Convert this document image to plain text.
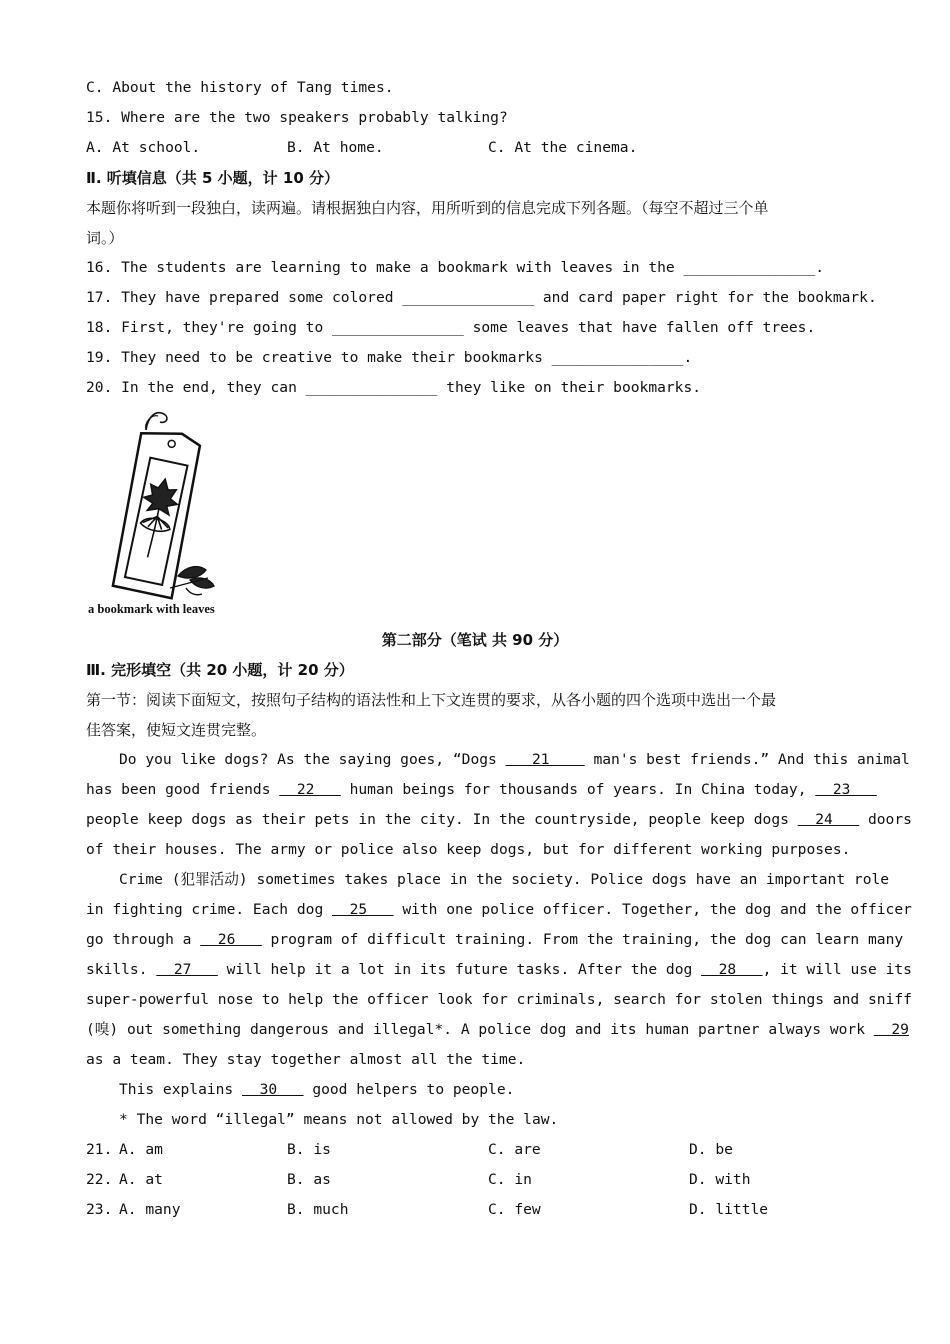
C. About the history of Tang times.
15. Where are the two speakers probably talking?
A. At school.	B. At home.	C. At the cinema.
Ⅱ. 听填信息（共 5 小题，计 10 分）
本题你将听到一段独白，读两遍。请根据独白内容，用所听到的信息完成下列各题。（每空不超过三个单
词。）
16. The students are learning to make a bookmark with leaves in the _______________.
17. They have prepared some colored _______________ and card paper right for the bookmark.
18. First, they're going to _______________ some leaves that have fallen off trees.
19. They need to be creative to make their bookmarks _______________.
20. In the end, they can _______________ they like on their bookmarks.
a bookmark with leaves
第二部分（笔试 共 90 分）
Ⅲ. 完形填空（共 20 小题，计 20 分）
第一节：阅读下面短文，按照句子结构的语法性和上下文连贯的要求，从各小题的四个选项中选出一个最
佳答案，使短文连贯完整。
Do you like dogs? As the saying goes, “Dogs    21     man's best friends.” And this animal
has been good friends   22    human beings for thousands of years. In China today,   23
people keep dogs as their pets in the city. In the countryside, people keep dogs   24    doors
of their houses. The army or police also keep dogs, but for different working purposes.
Crime (犯罪活动) sometimes takes place in the society. Police dogs have an important role
in fighting crime. Each dog   25    with one police officer. Together, the dog and the officer
go through a   26    program of difficult training. From the training, the dog can learn many
skills.   27    will help it a lot in its future tasks. After the dog   28   , it will use its
super-powerful nose to help the officer look for criminals, search for stolen things and sniff
(嗅) out something dangerous and illegal*. A police dog and its human partner always work   29
as a team. They stay together almost all the time.
This explains   30    good helpers to people.
* The word “illegal” means not allowed by the law.
21. A. am	B. is	C. are	D. be
22. A. at	B. as	C. in	D. with
23. A. many	B. much	C. few	D. little
